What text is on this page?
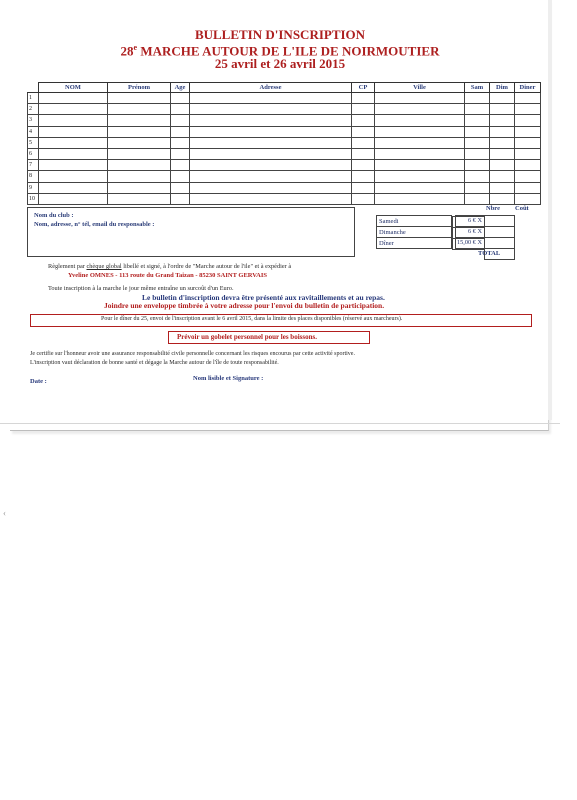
BULLETIN D'INSCRIPTION
28e MARCHE AUTOUR DE L'ILE DE NOIRMOUTIER
25 avril et 26 avril 2015
	NOM	Prénom	Age	Adresse	CP	Ville	Sam	Dim	Diner
1									
2									
3									
4									
5									
6									
7									
8									
9									
10									
Nom du club :
Nom, adresse, n° tél, email du responsable :
Nbre Coût
Samedi		6 € X

Dimanche		6 € X

Dîner		15,00 € X

TOTAL
Règlement par chèque global libellé et signé, à l'ordre de "Marche autour de l'ile" et à expédier à
Yveline OMNES - 113 route du Grand Taizan - 85230 SAINT GERVAIS
Toute inscription à la marche le jour même entraîne un surcoût d'un Euro.
Le bulletin d'inscription devra être présenté aux ravitaillements et au repas.
Joindre une enveloppe timbrée à votre adresse pour l'envoi du bulletin de participation.
Pour le dîner du 25, envoi de l'inscription avant le 6 avril 2015, dans la limite des places disponibles (réservé aux marcheurs).
Prévoir un gobelet personnel pour les boissons.
Je certifie sur l'honneur avoir une assurance responsabilité civile personnelle concernant les risques encourus par cette activité sportive.
L'inscription vaut déclaration de bonne santé et dégage la Marche autour de l'île de toute responsabilité.
Date :	Nom lisible et Signature :
‹
